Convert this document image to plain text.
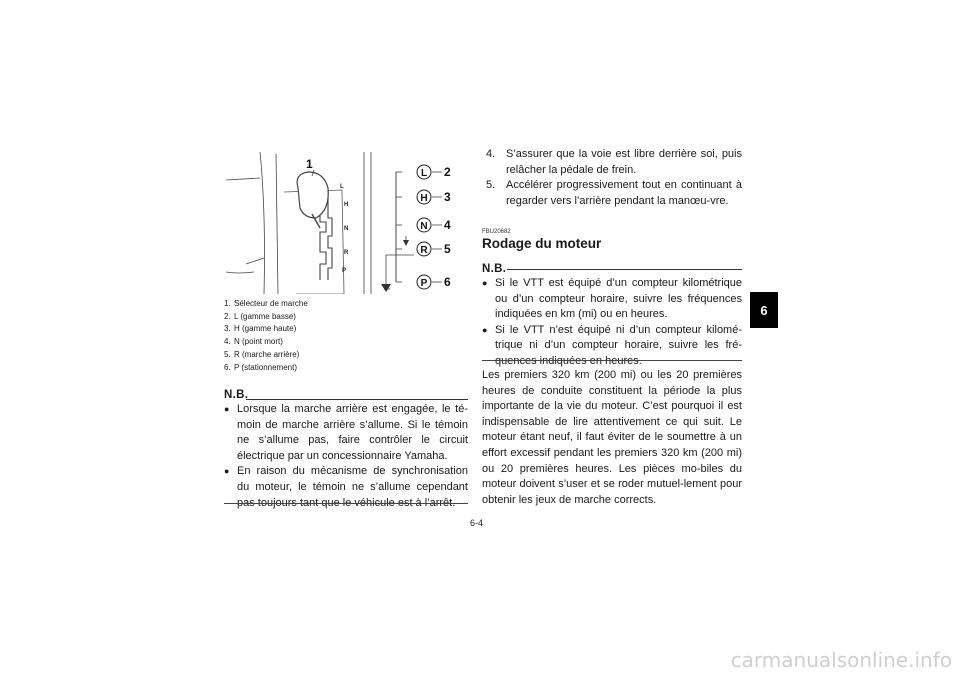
L
H
N
R
P
L
H
N
R
P
1
2
3
4
5
6
1. Sélecteur de marche
2. L (gamme basse)
3. H (gamme haute)
4. N (point mort)
5. R (marche arrière)
6. P (stationnement)
N.B.
● Lorsque la marche arrière est engagée, le té-moin de marche arrière s’allume. Si le témoin ne s’allume pas, faire contrôler le circuit électrique par un concessionnaire Yamaha.
● En raison du mécanisme de synchronisation du moteur, le témoin ne s’allume cependant pas toujours tant que le véhicule est à l’arrêt.
4. S’assurer que la voie est libre derrière soi, puis relâcher la pédale de frein.
5. Accélérer progressivement tout en continuant à regarder vers l’arrière pendant la manœu-vre.
FBU20682
Rodage du moteur
N.B.
● Si le VTT est équipé d’un compteur kilométrique ou d’un compteur horaire, suivre les fréquences indiquées en km (mi) ou en heures.
● Si le VTT n’est équipé ni d’un compteur kilomé-trique ni d’un compteur horaire, suivre les fré-quences indiquées en heures.
Les premiers 320 km (200 mi) ou les 20 premières heures de conduite constituent la période la plus importante de la vie du moteur. C’est pourquoi il est indispensable de lire attentivement ce qui suit. Le moteur étant neuf, il faut éviter de le soumettre à un effort excessif pendant les premiers 320 km (200 mi) ou 20 premières heures. Les pièces mo-biles du moteur doivent s’user et se roder mutuel-lement pour obtenir les jeux de marche corrects.
6
6-4
carmanualsonline.info
